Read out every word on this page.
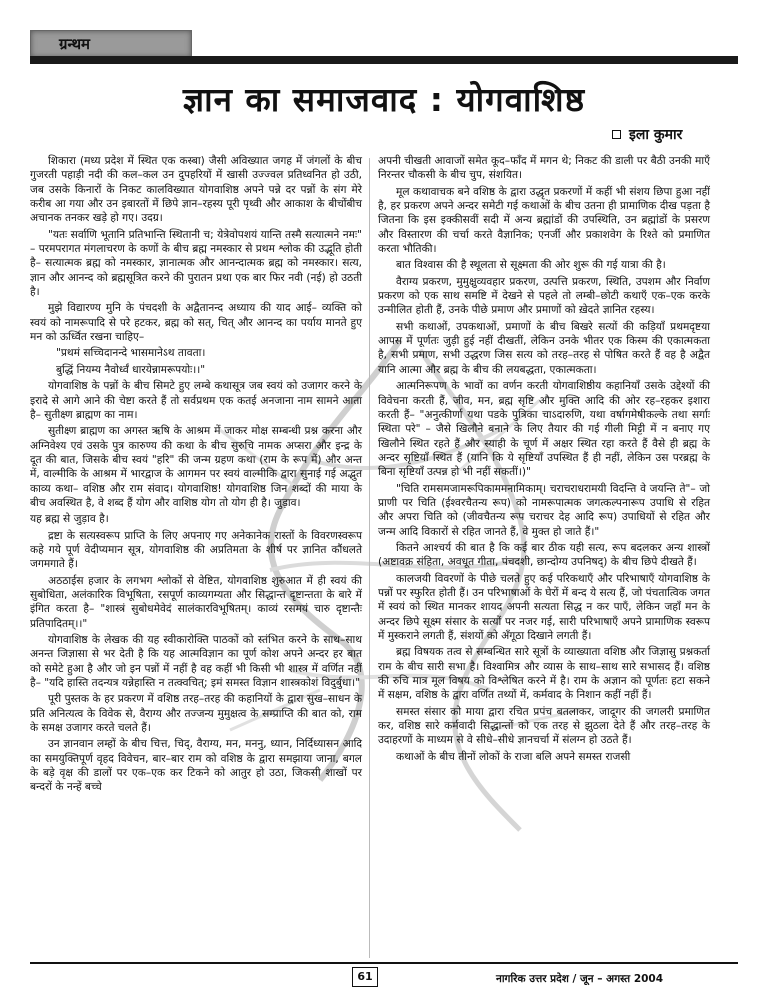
ग्रन्थम
ज्ञान का समाजवाद : योगवाशिष्ठ
इला कुमार

शिकारा (मध्य प्रदेश में स्थित एक कस्बा) जैसी अविख्यात जगह में जंगलों के बीच गुजरती पहाड़ी नदी की कल–कल उन दुपहरियों में खासी उज्ज्वल प्रतिध्वनित हो उठी, जब उसके किनारों के निकट कालविख्यात योगवाशिष्ठ अपने पन्ने दर पन्नों के संग मेरे करीब आ गया और उन इबारतों में छिपे ज्ञान–रहस्य पूरी पृथ्वी और आकाश के बीचोंबीच अचानक तनकर खड़े हो गए। उदग्र।

"यतः सर्वाणि भूतानि प्रतिभान्ति स्थितानी च; येत्रेवोपशयं यान्ति तस्मै सत्यात्मने नमः" – परमपरागत मंगलाचरण के कणों के बीच ब्रह्म नमस्कार से प्रथम श्लोक की उद्भूति होती है– सत्यात्मक ब्रह्म को नमस्कार, ज्ञानात्मक और आनन्दात्मक ब्रह्म को नमस्कार। सत्य, ज्ञान और आनन्द को ब्रह्मसूत्रित करने की पुरातन प्रथा एक बार फिर नवी (नई) हो उठती है।

मुझे विद्यारण्य मुनि के पंचदशी के अद्वैतानन्द अध्याय की याद आई– व्यक्ति को स्वयं को नामरूपादि से परे हटकर, ब्रह्म को सत्, चित् और आनन्द का पर्याय मानते हुए मन को ऊर्ध्वित रखना चाहिए–

"प्रथमं सच्चिदानन्दे भासमानेऽथ तावता।

बुद्धिं नियम्य नैवोर्ध्वं धारयेन्नामरूपयोः।।"

योगवाशिष्ठ के पन्नों के बीच सिमटे हुए लम्बे कथासूत्र जब स्वयं को उजागर करने के इरादे से आगे आने की चेष्टा करते हैं तो सर्वप्रथम एक कतई अनजाना नाम सामने आता है– सुतीक्ष्ण ब्राह्मण का नाम।

सुतीक्ष्ण ब्राह्मण का अगस्त ऋषि के आश्रम में जाकर मोक्ष सम्बन्धी प्रश्न करना और अग्निवेश्य एवं उसके पुत्र कारुण्य की कथा के बीच सुरुचि नामक अप्सरा और इन्द्र के दूत की बात, जिसके बीच स्वयं "हरि" की जन्म ग्रहण कथा (राम के रूप में) और अन्त में, वाल्मीकि के आश्रम में भारद्वाज के आगमन पर स्वयं वाल्मीकि द्वारा सुनाई गई अद्भुत काव्य कथा– वशिष्ठ और राम संवाद। योगवाशिष्ठ! योगवाशिष्ठ जिन शब्दों की माया के बीच अवस्थित है, वे शब्द हैं योग और वाशिष्ठ योग तो योग ही है। जुड़ाव।

यह ब्रह्म से जुड़ाव है।

द्रष्टा के सत्यस्वरूप प्राप्ति के लिए अपनाए गए अनेकानेक रास्तों के विवरणस्वरूप कहे गये पूर्ण वेदीप्यमान सूत्र, योगवाशिष्ठ की अप्रतिमता के शीर्ष पर ज्ञानित कौंधलते जगमगाते हैं।

अठठाईस हजार के लगभग श्लोकों से वेष्टित, योगवाशिष्ठ शुरुआत में ही स्वयं की सुबोधिता, अलंकारिक विभूषिता, रसपूर्ण काव्यगम्यता और सिद्धान्त दृष्टान्तता के बारे में इंगित करता है– "शास्त्रं सुबोधमेवेदं सालंकारविभूषितम्। काव्यं रसमयं चारु दृष्टान्तैः प्रतिपादितम्।।"

योगवाशिष्ठ के लेखक की यह स्वीकारोक्ति पाठकों को स्तंभित करने के साथ–साथ अनन्त जिज्ञासा से भर देती है कि यह आत्मविज्ञान का पूर्ण कोश अपने अन्दर हर बात को समेटे हुआ है और जो इन पन्नों में नहीं है वह कहीं भी किसी भी शास्त्र में वर्णित नहीं है– "यदि हास्ति तदन्यत्र यन्नेहास्ति न तत्क्वचित्; इमं समस्त विज्ञान शास्त्रकोशं विदुर्बुधा।"

पूरी पुस्तक के हर प्रकरण में वशिष्ठ तरह–तरह की कहानियों के द्वारा सुख–साधन के प्रति अनित्यत्व के विवेक से, वैराग्य और तज्जन्य मुमुक्षत्व के सम्प्राप्ति की बात को, राम के समक्ष उजागर करते चलते हैं।

उन ज्ञानवान लम्हों के बीच चित्त, चिद्, वैराग्य, मन, मननु, ध्यान, निर्दिध्यासन आदि का समयुक्तिपूर्ण वृहद विवेचन, बार–बार राम को वशिष्ठ के द्वारा समझाया जाना, बगल के बड़े वृक्ष की डालों पर एक–एक कर टिकने को आतुर हो उठा, जिकसी शाखों पर बन्दरों के नन्हें बच्चे

अपनी चीखती आवाजों समेत कूद–फाँद में मगन थे; निकट की डाली पर बैठी उनकी माएँ निरन्तर चौकसी के बीच चुप, संशयित।

मूल कथावाचक बने वशिष्ठ के द्वारा उद्धृत प्रकरणों में कहीं भी संशय छिपा हुआ नहीं है, हर प्रकरण अपने अन्दर समेटी गई कथाओं के बीच उतना ही प्रामाणिक दीख पड़ता है जितना कि इस इक्कीसवीं सदी में अन्य ब्रह्मांडों की उपस्थिति, उन ब्रह्मांडों के प्रसरण और विस्तारण की चर्चा करते वैज्ञानिक; एनर्जी और प्रकाशवेग के रिश्ते को प्रमाणित करता भौतिकी।

बात विश्वास की है स्थूलता से सूक्ष्मता की ओर शुरू की गई यात्रा की है।

वैराग्य प्रकरण, मुमुक्षुव्यवहार प्रकरण, उत्पत्ति प्रकरण, स्थिति, उपशम और निर्वाण प्रकरण को एक साथ समष्टि में देखने से पहले तो लम्बी–छोटी कथाएँ एक–एक करके उन्मीलित होती हैं, उनके पीछे प्रमाण और प्रमाणों को ख़ेदते ज्ञानित रहस्य।

सभी कथाओं, उपकथाओं, प्रमाणों के बीच बिखरे सत्यों की कड़ियाँ प्रथमदृष्टया आपस में पूर्णतः जुड़ी हुई नहीं दीखतीं, लेकिन उनके भीतर एक किस्म की एकात्मकता है, सभी प्रमाण, सभी उद्धरण जिस सत्य को तरह–तरह से पोषित करते हैं वह है अद्वैत यानि आत्मा और ब्रह्म के बीच की लयबद्धता, एकात्मकता।

आत्मनिरूपण के भावों का वर्णन करती योगवाशिष्ठीय कहानियाँ उसके उद्देश्यों की विवेचना करती हैं, जीव, मन, ब्रह्म सृष्टि और मुक्ति आदि की ओर रह–रहकर इशारा करती हैं– "अनुत्कीर्णा यथा पडके पुत्रिका चाऽदारुणि, यथा वर्षागमेषीकल्के तथा सर्गाः स्थिता परे" – जैसे खिलौने बनाने के लिए तैयार की गई गीली मिट्टी में न बनाए गए खिलौने स्थित रहते हैं और स्याही के चूर्ण में अक्षर स्थित रहा करते हैं वैसे ही ब्रह्म के अन्दर सृष्टियाँ स्थित हैं (यानि कि ये सृष्टियाँ उपस्थित हैं ही नहीं, लेकिन उस परब्रह्म के बिना सृष्टियाँ उत्पन्न हो भी नहीं सकतीं।)"

"चिति रामसमजामरूपिकाममनामिकाम्। चराचराधरामयी विदन्ति वे जयन्ति ते"– जो प्राणी पर चिति (ईश्वरचैतन्य रूप) को नामरूपात्मक जगत्कल्पनारूप उपाधि से रहित और अपरा चिति को (जीवचैतन्य रूप चराचर देह आदि रूप) उपाधियों से रहित और जन्म आदि विकारों से रहित जानते हैं, वे मुक्त हो जाते हैं।"

कितने आश्चर्य की बात है कि कई बार ठीक यही सत्य, रूप बदलकर अन्य शास्त्रों (अष्टावक्र संहिता, अवधूत गीता, पंचदशी, छान्दोग्य उपनिषद्) के बीच छिपे दीखते हैं।

कालजयी विवरणों के पीछे चलते हुए कई परिकथाएँ और परिभाषाएँ योगवाशिष्ठ के पन्नों पर स्फुरित होती हैं। उन परिभाषाओं के घेरों में बन्द ये सत्य हैं, जो पंचतात्विक जगत में स्वयं को स्थित मानकर शायद अपनी सत्यता सिद्ध न कर पाएँ, लेकिन जहाँ मन के अन्दर छिपे सूक्ष्म संसार के सत्यों पर नजर गई, सारी परिभाषाएँ अपने प्रामाणिक स्वरूप में मुस्कराने लगती हैं, संशयों को अँगूठा दिखाने लगती हैं।

ब्रह्म विषयक तत्व से सम्बन्धित सारे सूत्रों के व्याख्याता वशिष्ठ और जिज्ञासु प्रश्नकर्ता राम के बीच सारी सभा है। विश्वामित्र और व्यास के साथ–साथ सारे सभासद हैं। वशिष्ठ की रुचि मात्र मूल विषय को विश्लेषित करने में है। राम के अज्ञान को पूर्णतः हटा सकने में सक्षम, वशिष्ठ के द्वारा वर्णित तथ्यों में, कर्मवाद के निशान कहीं नहीं हैं।

समस्त संसार को माया द्वारा रचित प्रपंच बतलाकर, जादूगर की जगलरी प्रमाणित कर, वशिष्ठ सारे कर्मवादी सिद्धान्तों को एक तरह से झुठला देते हैं और तरह–तरह के उदाहरणों के माध्यम से वे सीधे–सीधे ज्ञानचर्चा में संलग्न हो उठते हैं।

कथाओं के बीच तीनों लोकों के राजा बलि अपने समस्त राजसी

61	नागरिक उत्तर प्रदेश / जून – अगस्त 2004
